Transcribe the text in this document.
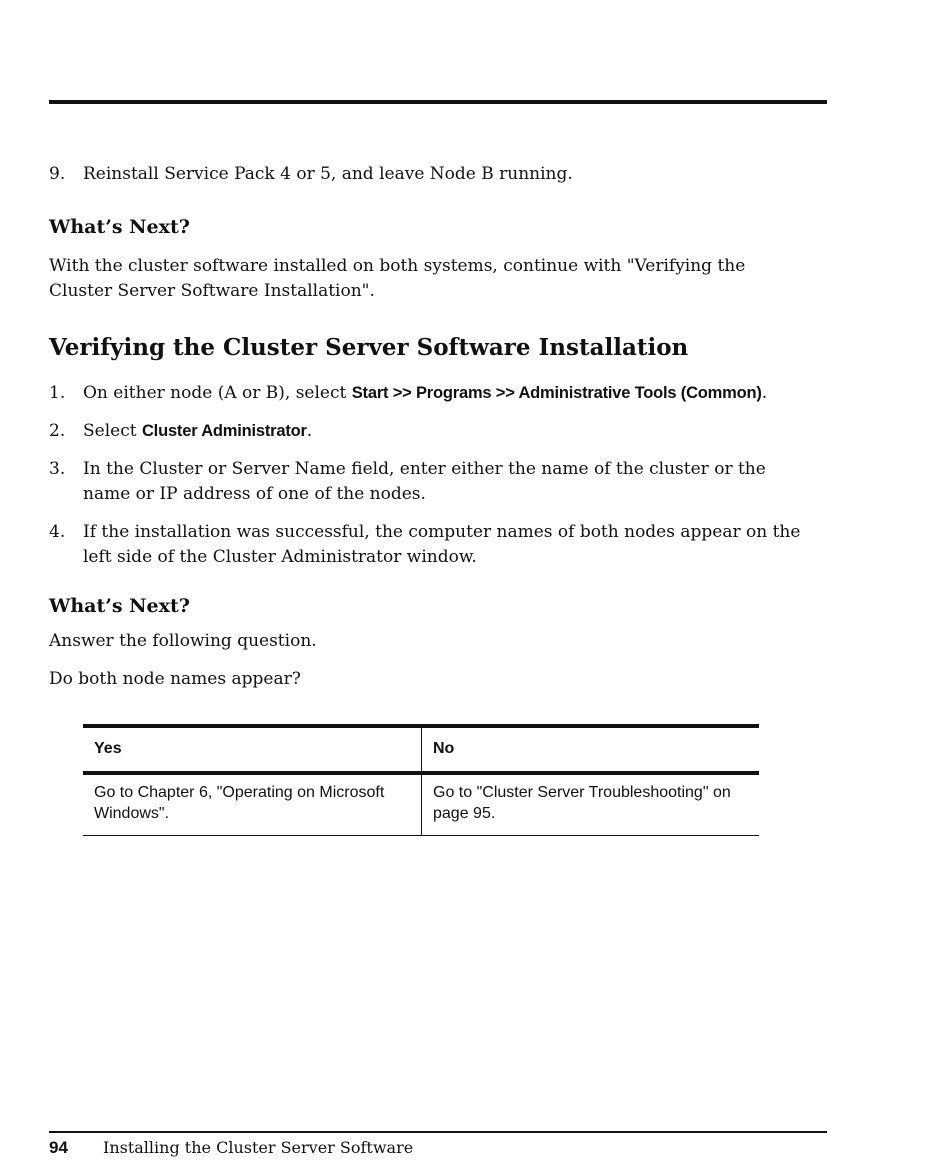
9.	Reinstall Service Pack 4 or 5, and leave Node B running.
What’s Next?

With the cluster software installed on both systems, continue with "Verifying the Cluster Server Software Installation".

Verifying the Cluster Server Software Installation
1.	On either node (A or B), select Start >> Programs >> Administrative Tools (Common).
2.	Select Cluster Administrator.
3.	In the Cluster or Server Name field, enter either the name of the cluster or the name or IP address of one of the nodes.
4.	If the installation was successful, the computer names of both nodes appear on the left side of the Cluster Administrator window.
What’s Next?

Answer the following question.

Do both node names appear?

Yes	No
Go to Chapter 6, "Operating on Microsoft Windows".	Go to "Cluster Server Troubleshooting" on page 95.
94	Installing the Cluster Server Software
